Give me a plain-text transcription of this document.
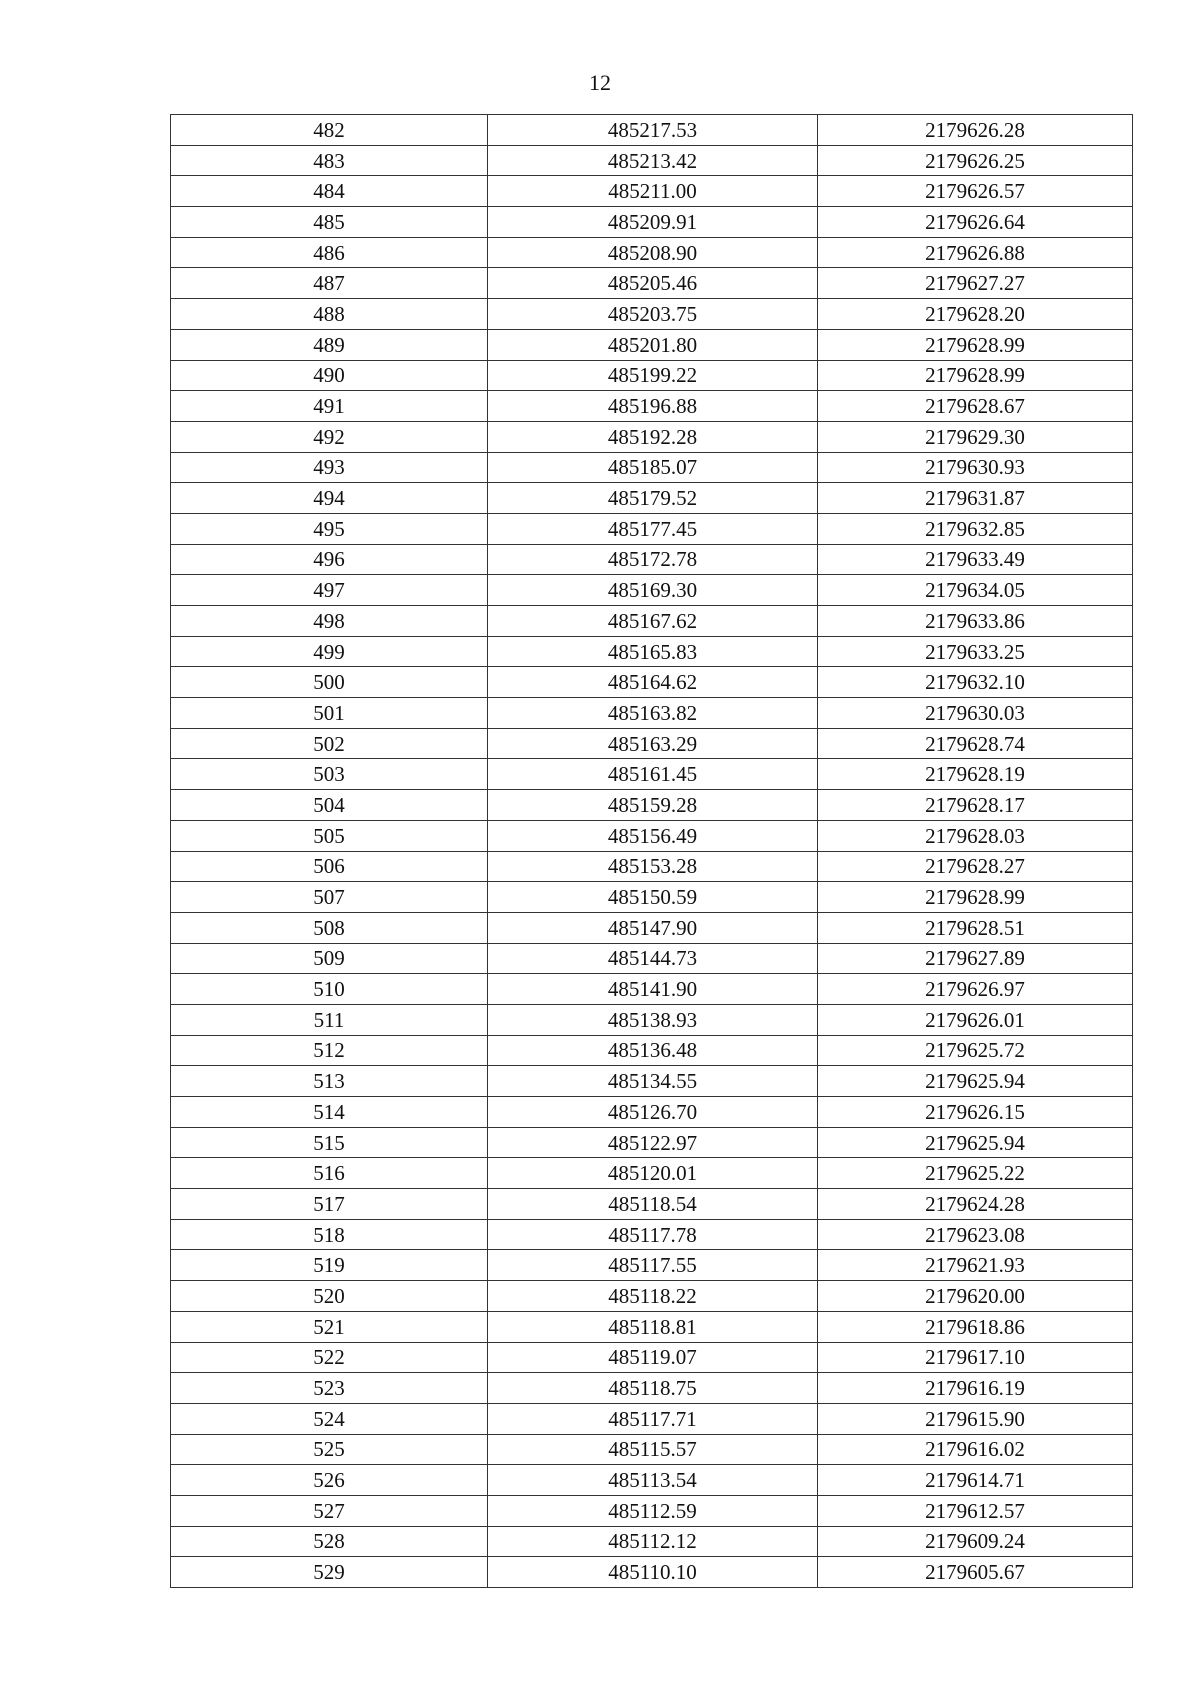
12
482	485217.53	2179626.28
483	485213.42	2179626.25
484	485211.00	2179626.57
485	485209.91	2179626.64
486	485208.90	2179626.88
487	485205.46	2179627.27
488	485203.75	2179628.20
489	485201.80	2179628.99
490	485199.22	2179628.99
491	485196.88	2179628.67
492	485192.28	2179629.30
493	485185.07	2179630.93
494	485179.52	2179631.87
495	485177.45	2179632.85
496	485172.78	2179633.49
497	485169.30	2179634.05
498	485167.62	2179633.86
499	485165.83	2179633.25
500	485164.62	2179632.10
501	485163.82	2179630.03
502	485163.29	2179628.74
503	485161.45	2179628.19
504	485159.28	2179628.17
505	485156.49	2179628.03
506	485153.28	2179628.27
507	485150.59	2179628.99
508	485147.90	2179628.51
509	485144.73	2179627.89
510	485141.90	2179626.97
511	485138.93	2179626.01
512	485136.48	2179625.72
513	485134.55	2179625.94
514	485126.70	2179626.15
515	485122.97	2179625.94
516	485120.01	2179625.22
517	485118.54	2179624.28
518	485117.78	2179623.08
519	485117.55	2179621.93
520	485118.22	2179620.00
521	485118.81	2179618.86
522	485119.07	2179617.10
523	485118.75	2179616.19
524	485117.71	2179615.90
525	485115.57	2179616.02
526	485113.54	2179614.71
527	485112.59	2179612.57
528	485112.12	2179609.24
529	485110.10	2179605.67
